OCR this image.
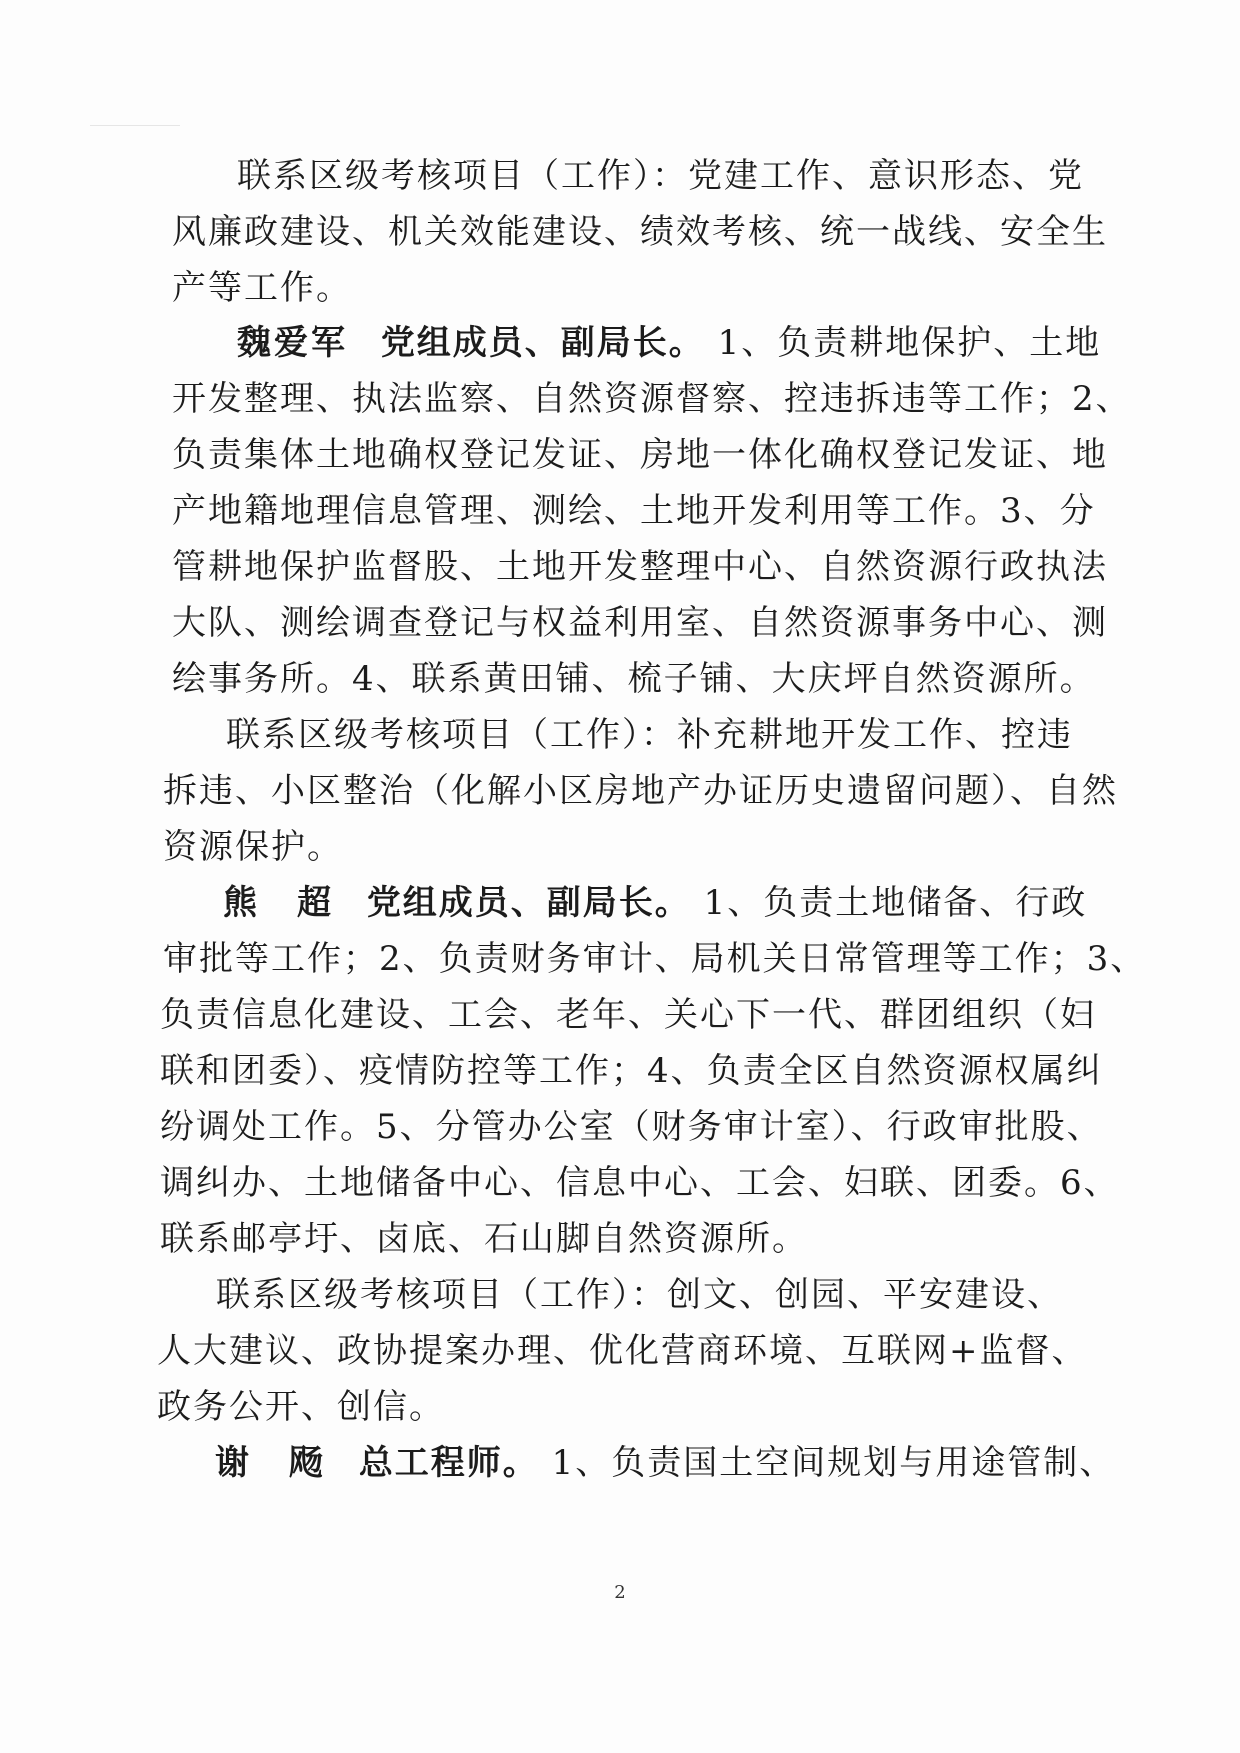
联系区级考核项目（工作）：党建工作、意识形态、党
风廉政建设、机关效能建设、绩效考核、统一战线、安全生
产等工作。
魏爱军 党组成员、副局长。 1、负责耕地保护、土地
开发整理、执法监察、自然资源督察、控违拆违等工作；2、
负责集体土地确权登记发证、房地一体化确权登记发证、地
产地籍地理信息管理、测绘、土地开发利用等工作。3、分
管耕地保护监督股、土地开发整理中心、自然资源行政执法
大队、测绘调查登记与权益利用室、自然资源事务中心、测
绘事务所。4、联系黄田铺、梳子铺、大庆坪自然资源所。
联系区级考核项目（工作）：补充耕地开发工作、控违
拆违、小区整治（化解小区房地产办证历史遗留问题）、自然
资源保护。
熊　超 党组成员、副局长。 1、负责土地储备、行政
审批等工作；2、负责财务审计、局机关日常管理等工作；3、
负责信息化建设、工会、老年、关心下一代、群团组织（妇
联和团委）、疫情防控等工作；4、负责全区自然资源权属纠
纷调处工作。5、分管办公室（财务审计室）、行政审批股、
调纠办、土地储备中心、信息中心、工会、妇联、团委。6、
联系邮亭圩、卤底、石山脚自然资源所。
联系区级考核项目（工作）：创文、创园、平安建设、
人大建议、政协提案办理、优化营商环境、互联网+监督、
政务公开、创信。
谢　飏 总工程师。 1、负责国土空间规划与用途管制、
2
